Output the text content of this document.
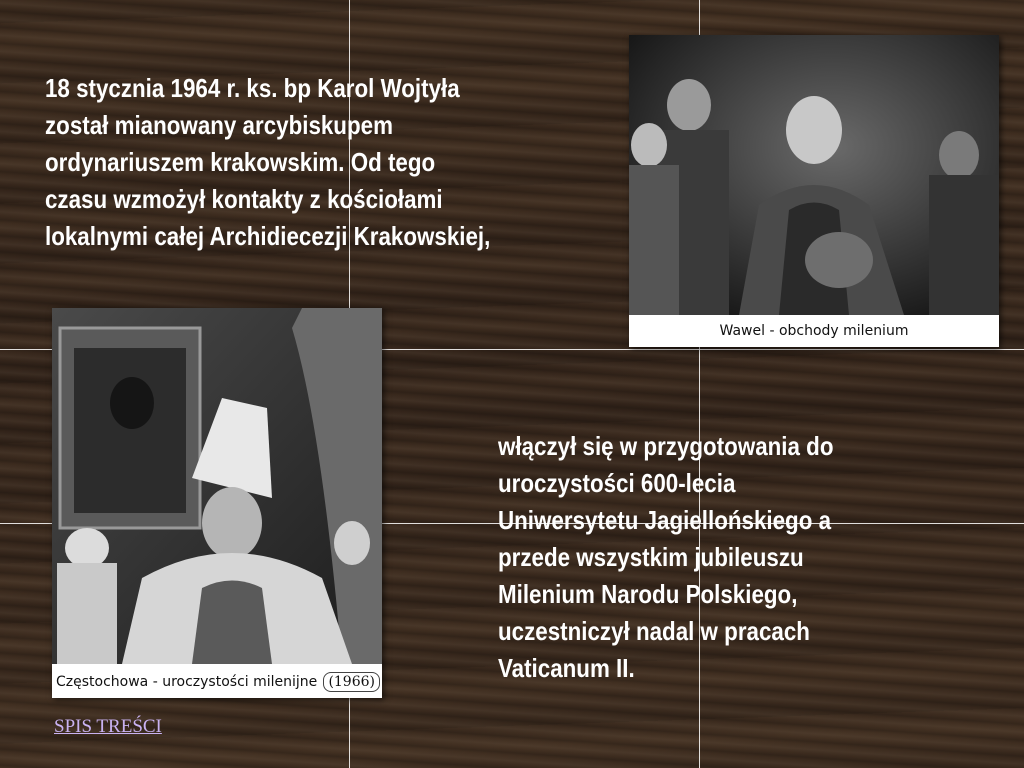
18 stycznia 1964 r. ks. bp Karol Wojtyła
został mianowany arcybiskupem
ordynariuszem krakowskim. Od tego
czasu wzmożył kontakty z kościołami
lokalnymi całej Archidiecezji Krakowskiej,
Wawel - obchody milenium
Częstochowa - uroczystości milenijne (1966)
włączył się w przygotowania do
uroczystości 600-lecia
Uniwersytetu Jagiellońskiego a
przede wszystkim jubileuszu
Milenium Narodu Polskiego,
uczestniczył nadal w pracach
Vaticanum II.
SPIS TREŚCI
